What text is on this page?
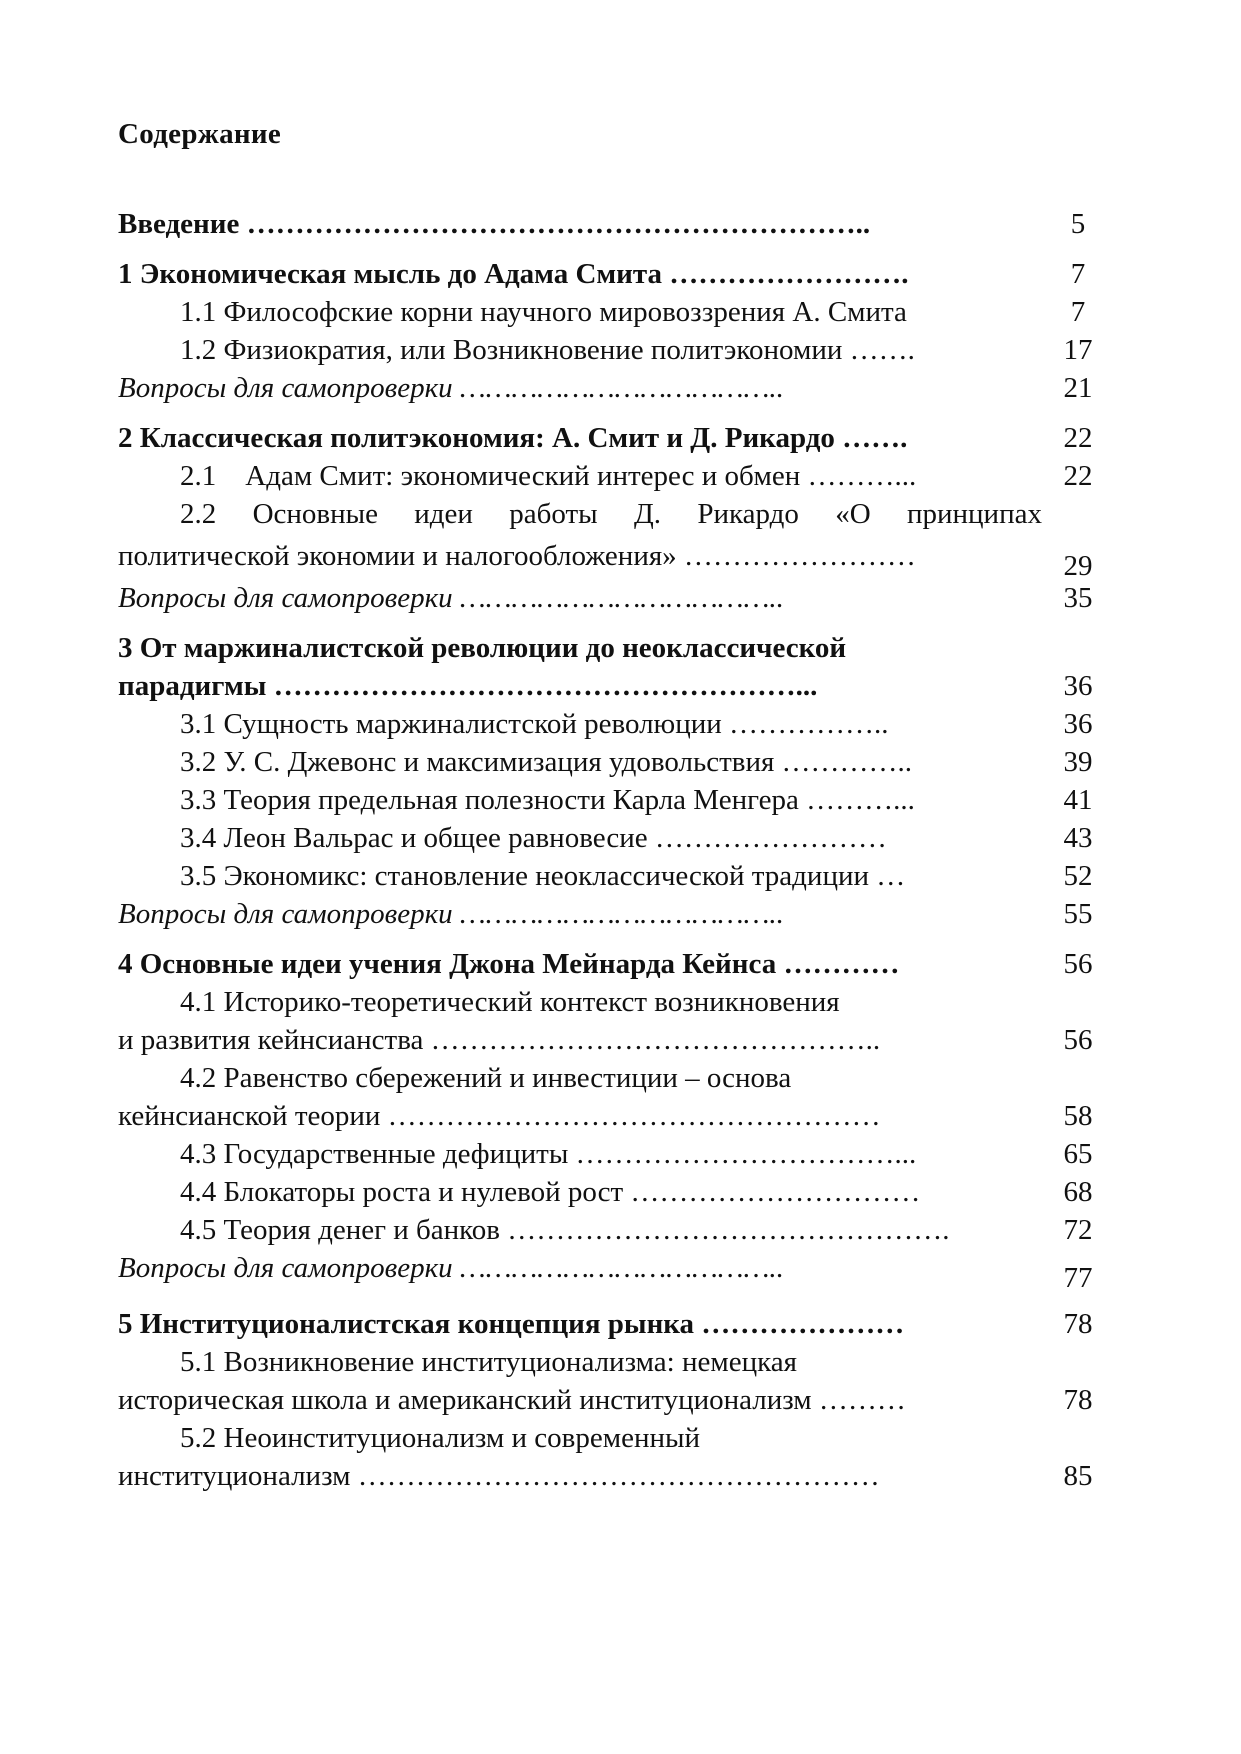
Содержание
Введение ………………………………………………………..	5
1 Экономическая мысль до Адама Смита …………………….	7
1.1 Философские корни научного мировоззрения А. Смита	7
1.2 Физиократия, или Возникновение политэкономии …….	17
Вопросы для самопроверки ………………………………..	21
2 Классическая политэкономия: А. Смит и Д. Рикардо …….	22
2.1    Адам Смит: экономический интерес и обмен ………...	22
2.2 Основные идеи работы Д. Рикардо «О принципах
политической экономии и налогообложения» ……………………	29
Вопросы для самопроверки ………………………………..	35
3 От маржиналистской революции до неоклассической
парадигмы ………………………………………………...	36
3.1 Сущность маржиналистской революции ……………..	36
3.2 У. С. Джевонс и максимизация удовольствия …………..	39
3.3 Теория предельная полезности Карла Менгера ………...	41
3.4 Леон Вальрас и общее равновесие ……………………	43
3.5 Экономикс: становление неоклассической традиции …	52
Вопросы для самопроверки ………………………………..	55
4 Основные идеи учения Джона Мейнарда Кейнса …………	56
4.1 Историко-теоретический контекст возникновения
и развития кейнсианства ………………………………………..	56
4.2 Равенство сбережений и инвестиции – основа
кейнсианской теории ……………………………………………	58
4.3 Государственные дефициты ……………………………...	65
4.4 Блокаторы роста и нулевой рост …………………………	68
4.5 Теория денег и банков ……………………………………….	72
Вопросы для самопроверки ………………………………..	77
5 Институционалистская концепция рынка …………………	78
5.1 Возникновение институционализма: немецкая
историческая школа и американский институционализм ………	78
5.2 Неоинституционализм и современный
институционализм ………………………………………………	85
